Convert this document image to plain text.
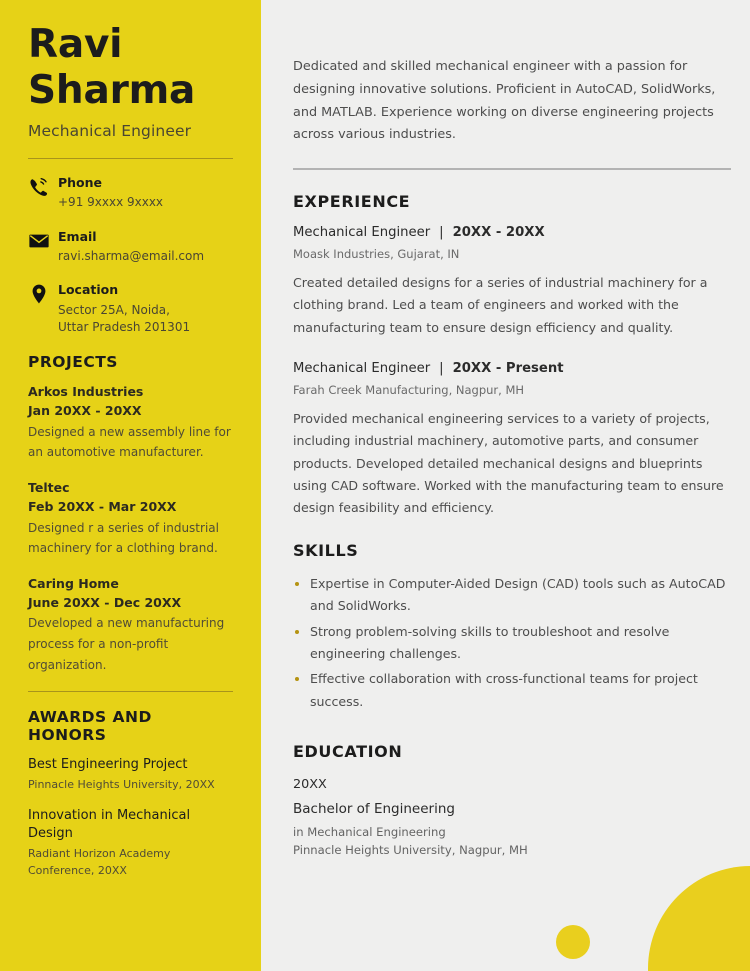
Ravi
Sharma
Mechanical Engineer
Phone
+91 9xxxx 9xxxx
Email
ravi.sharma@email.com
Location
Sector 25A, Noida,
Uttar Pradesh 201301
PROJECTS
Arkos Industries
Jan 20XX - 20XX
Designed a new assembly line for an automotive manufacturer.
Teltec
Feb 20XX - Mar 20XX
Designed r a series of industrial machinery for a clothing brand.
Caring Home
June 20XX - Dec 20XX
Developed a new manufacturing process for a non-profit organization.
AWARDS AND HONORS
Best Engineering Project
Pinnacle Heights University, 20XX
Innovation in Mechanical Design
Radiant Horizon Academy Conference, 20XX
Dedicated and skilled mechanical engineer with a passion for designing innovative solutions. Proficient in AutoCAD, SolidWorks, and MATLAB. Experience working on diverse engineering projects across various industries.
EXPERIENCE
Mechanical Engineer | 20XX - 20XX
Moask Industries, Gujarat, IN
Created detailed designs for a series of industrial machinery for a clothing brand. Led a team of engineers and worked with the manufacturing team to ensure design efficiency and quality.
Mechanical Engineer | 20XX - Present
Farah Creek Manufacturing, Nagpur, MH
Provided mechanical engineering services to a variety of projects, including industrial machinery, automotive parts, and consumer products. Developed detailed mechanical designs and blueprints using CAD software. Worked with the manufacturing team to ensure design feasibility and efficiency.
SKILLS
Expertise in Computer-Aided Design (CAD) tools such as AutoCAD and SolidWorks.
Strong problem-solving skills to troubleshoot and resolve engineering challenges.
Effective collaboration with cross-functional teams for project success.
EDUCATION
20XX
Bachelor of Engineering
in Mechanical Engineering
Pinnacle Heights University, Nagpur, MH
